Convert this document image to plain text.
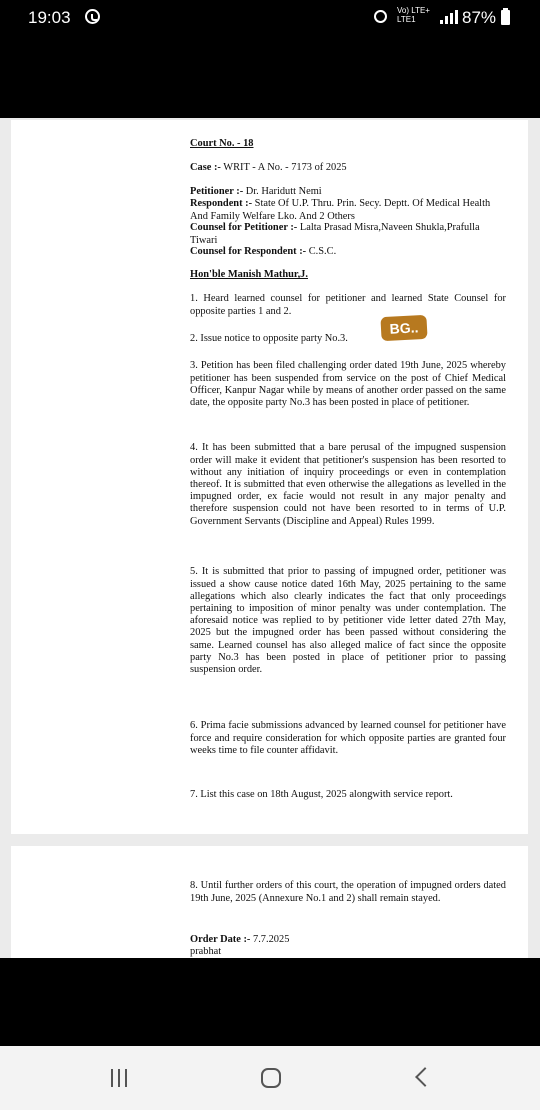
19:03	Vo) LTE+
LTE1	87%

Court No. - 18

Case :- WRIT - A No. - 7173 of 2025

Petitioner :- Dr. Haridutt Nemi

Respondent :- State Of U.P. Thru. Prin. Secy. Deptt. Of Medical Health And Family Welfare Lko. And 2 Others

Counsel for Petitioner :- Lalta Prasad Misra,Naveen Shukla,Prafulla Tiwari

Counsel for Respondent :- C.S.C.

Hon'ble Manish Mathur,J.

1. Heard learned counsel for petitioner and learned State Counsel for opposite parties 1 and 2.

2. Issue notice to opposite party No.3.

BG..

3. Petition has been filed challenging order dated 19th June, 2025 whereby petitioner has been suspended from service on the post of Chief Medical Officer, Kanpur Nagar while by means of another order passed on the same date, the opposite party No.3 has been posted in place of petitioner.

4. It has been submitted that a bare perusal of the impugned suspension order will make it evident that petitioner's suspension has been resorted to without any initiation of inquiry proceedings or even in contemplation thereof. It is submitted that even otherwise the allegations as levelled in the impugned order, ex facie would not result in any major penalty and therefore suspension could not have been resorted to in terms of U.P. Government Servants (Discipline and Appeal) Rules 1999.

5. It is submitted that prior to passing of impugned order, petitioner was issued a show cause notice dated 16th May, 2025 pertaining to the same allegations which also clearly indicates the fact that only proceedings pertaining to imposition of minor penalty was under contemplation. The aforesaid notice was replied to by petitioner vide letter dated 27th May, 2025 but the impugned order has been passed without considering the same. Learned counsel has also alleged malice of fact since the opposite party No.3 has been posted in place of petitioner prior to passing suspension order.

6. Prima facie submissions advanced by learned counsel for petitioner have force and require consideration for which opposite parties are granted four weeks time to file counter affidavit.

7. List this case on 18th August, 2025 alongwith service report.

8. Until further orders of this court, the operation of impugned orders dated 19th June, 2025 (Annexure No.1 and 2) shall remain stayed.

Order Date :- 7.7.2025

prabhat
